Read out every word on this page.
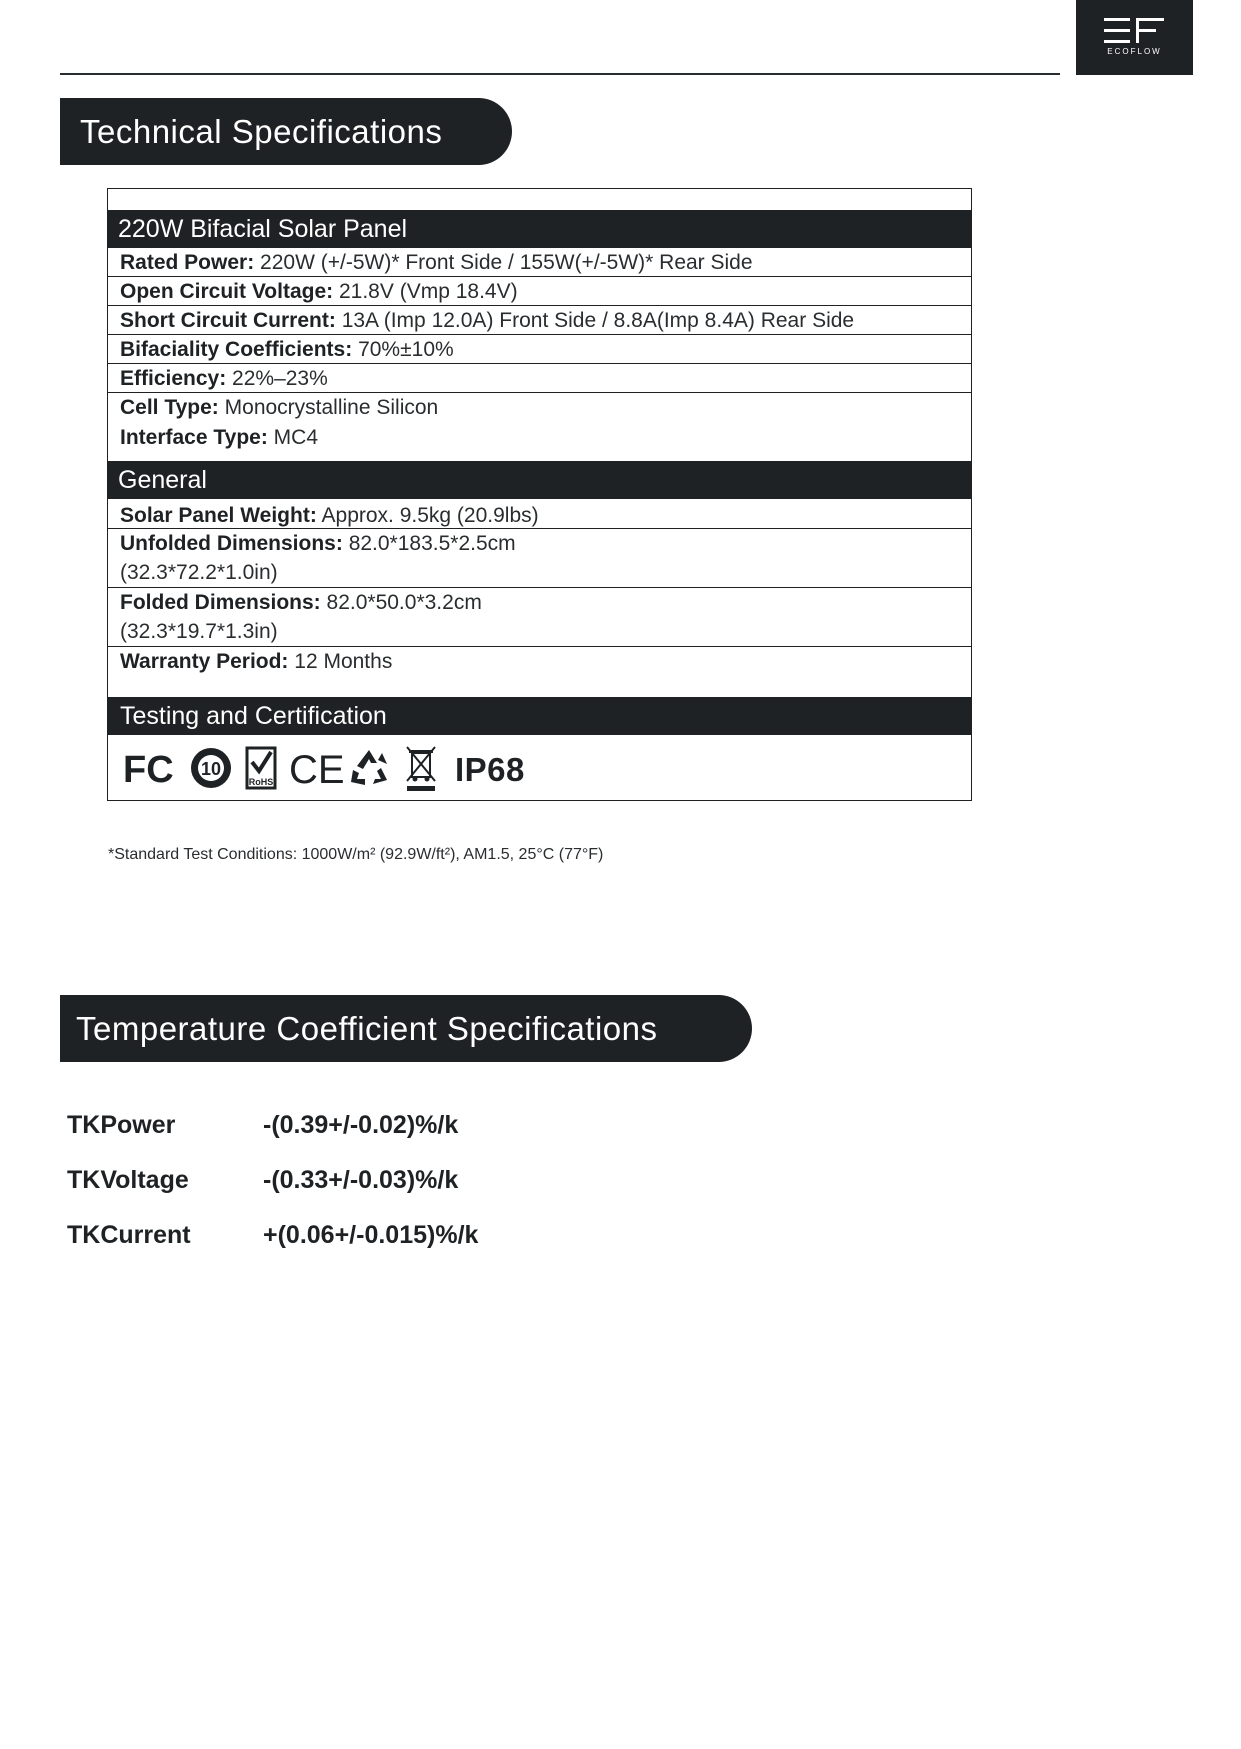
ECOFLOW
Technical Specifications
220W Bifacial Solar Panel
Rated Power: 220W (+/-5W)* Front Side / 155W(+/-5W)* Rear Side
Open Circuit Voltage: 21.8V (Vmp 18.4V)
Short Circuit Current: 13A (Imp 12.0A) Front Side / 8.8A(Imp 8.4A) Rear Side
Bifaciality Coefficients: 70%±10%
Efficiency: 22%–23%
Cell Type: Monocrystalline Silicon
Interface Type: MC4
General
Solar Panel Weight: Approx. 9.5kg (20.9lbs)
Unfolded Dimensions: 82.0*183.5*2.5cm
(32.3*72.2*1.0in)
Folded Dimensions: 82.0*50.0*3.2cm
(32.3*19.7*1.3in)
Warranty Period: 12 Months
Testing and Certification
FC 10
RoHS CE	IP68
*Standard Test Conditions: 1000W/m² (92.9W/ft²), AM1.5, 25°C (77°F)
Temperature Coefficient Specifications
TKPower	-(0.39+/-0.02)%/k
TKVoltage	-(0.33+/-0.03)%/k
TKCurrent	+(0.06+/-0.015)%/k
